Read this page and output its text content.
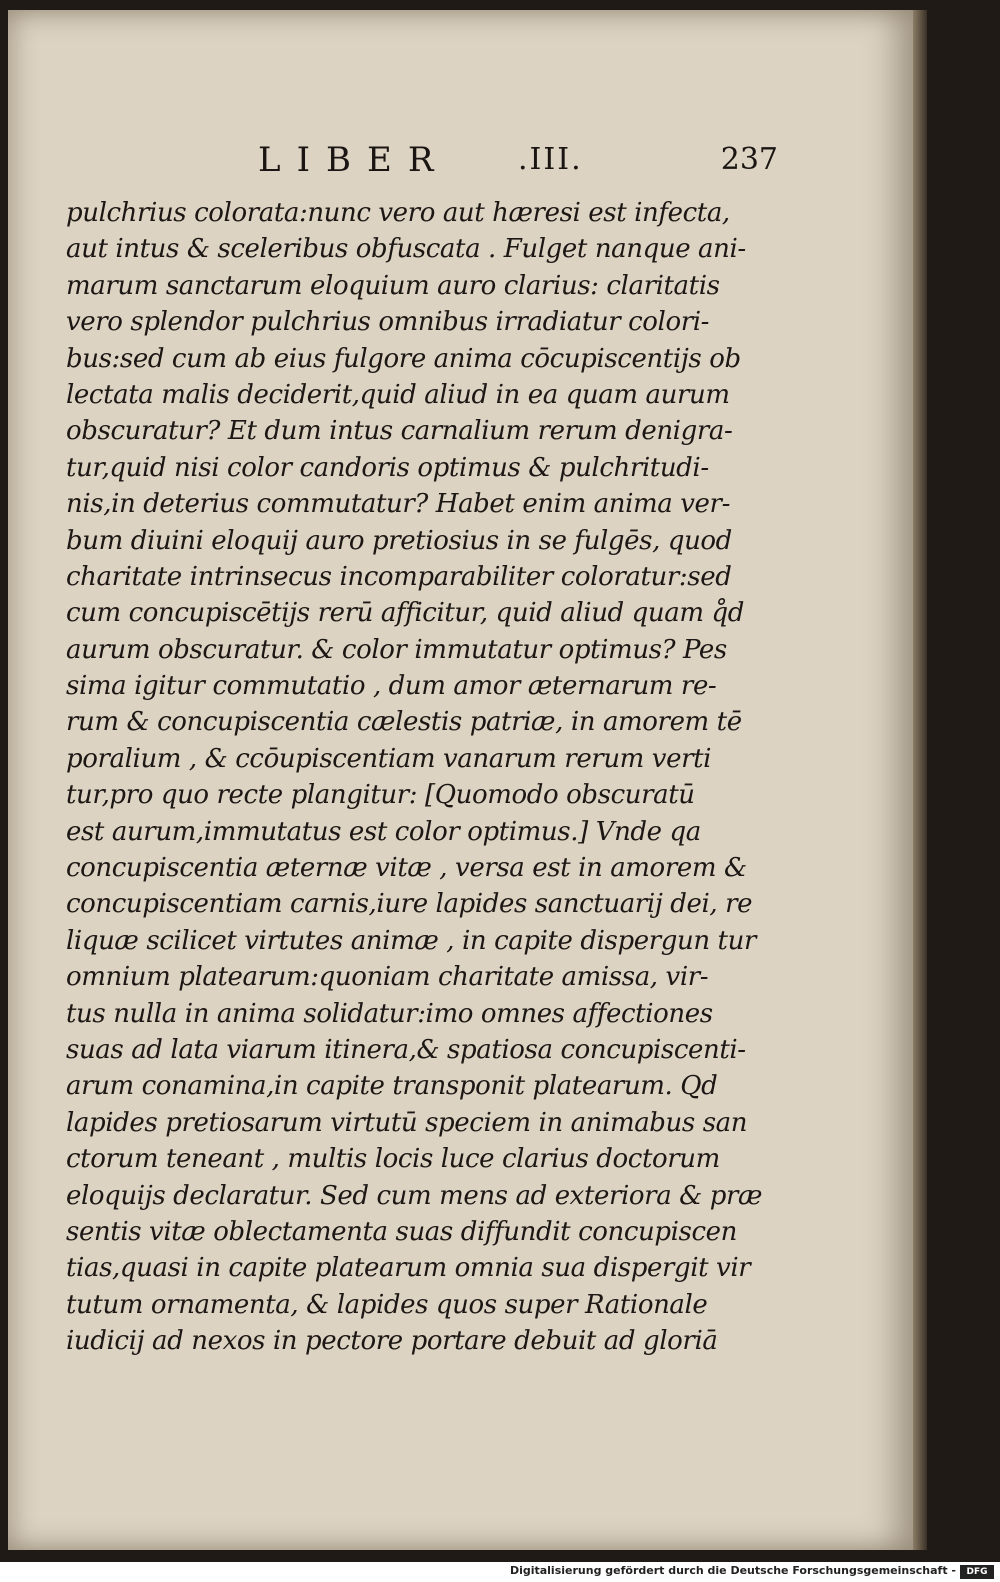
LIBER .III.	237
pulchrius colorata:nunc vero aut hæresi est infecta,
aut intus & sceleribus obfuscata . Fulget nanque ani-
marum sanctarum eloquium auro clarius: claritatis
vero splendor pulchrius omnibus irradiatur colori-
bus:sed cum ab eius fulgore anima cōcupiscentijs ob
lectata malis deciderit,quid aliud in ea quam aurum
obscuratur? Et dum intus carnalium rerum denigra-
tur,quid nisi color candoris optimus & pulchritudi-
nis,in deterius commutatur? Habet enim anima ver-
bum diuini eloquij auro pretiosius in se fulgēs, quod
charitate intrinsecus incomparabiliter coloratur:sed
cum concupiscētijs rerū afficitur, quid aliud quam q̊d
aurum obscuratur. & color immutatur optimus? Pes
sima igitur commutatio , dum amor æternarum re-
rum & concupiscentia cælestis patriæ, in amorem tē
poralium , & ccōupiscentiam vanarum rerum verti
tur,pro quo recte plangitur: [Quomodo obscuratū
est aurum,immutatus est color optimus.] Vnde qa
concupiscentia æternæ vitæ , versa est in amorem &
concupiscentiam carnis,iure lapides sanctuarij dei, re
liquæ scilicet virtutes animæ , in capite dispergun tur
omnium platearum:quoniam charitate amissa, vir-
tus nulla in anima solidatur:imo omnes affectiones
suas ad lata viarum itinera,& spatiosa concupiscenti-
arum conamina,in capite transponit platearum. Qd
lapides pretiosarum virtutū speciem in animabus san
ctorum teneant , multis locis luce clarius doctorum
eloquijs declaratur. Sed cum mens ad exteriora & præ
sentis vitæ oblectamenta suas diffundit concupiscen
tias,quasi in capite platearum omnia sua dispergit vir
tutum ornamenta, & lapides quos super Rationale
iudicij ad nexos in pectore portare debuit ad gloriā
Digitalisierung gefördert durch die Deutsche Forschungsgemeinschaft -	DFG
